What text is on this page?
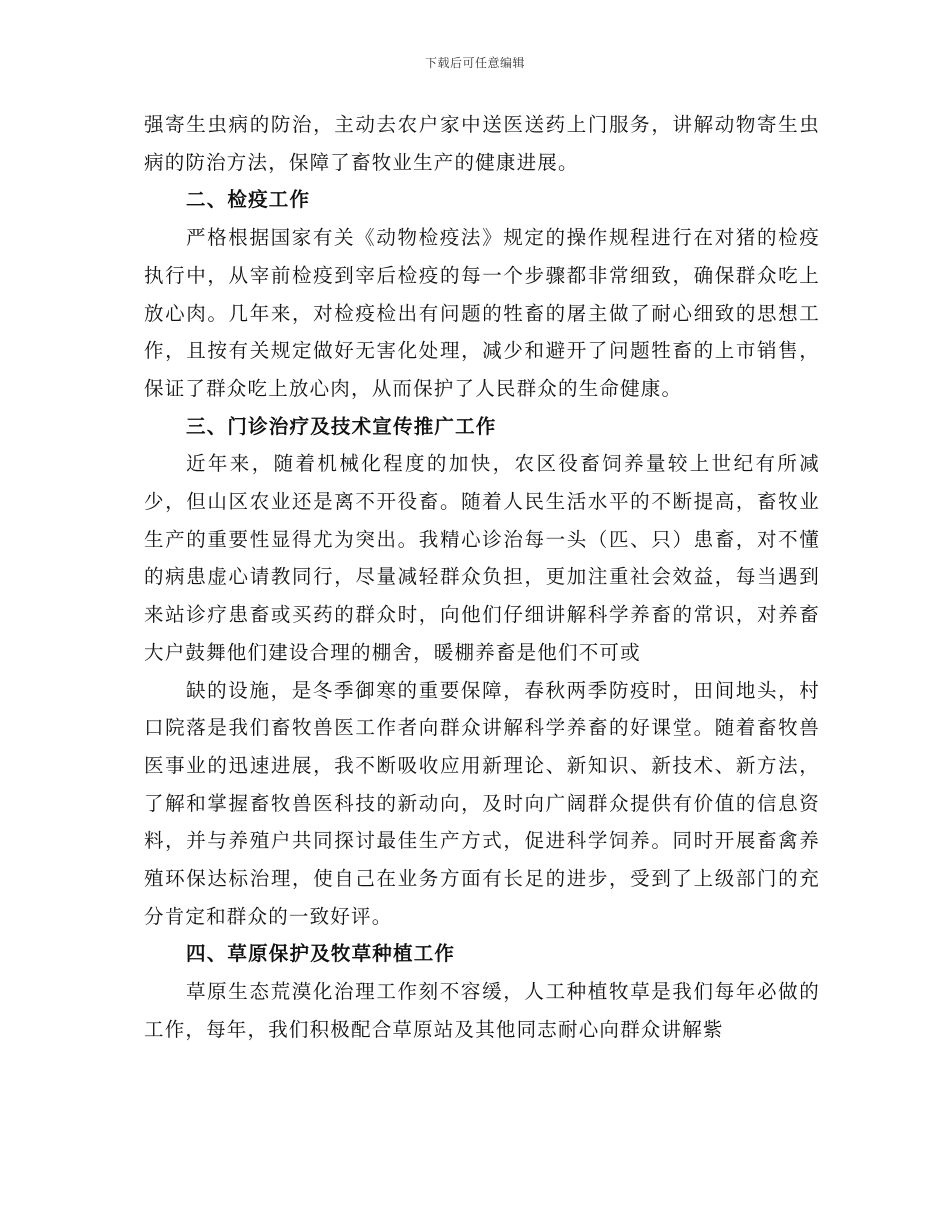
下载后可任意编辑

强寄生虫病的防治，主动去农户家中送医送药上门服务，讲解动物寄生虫病的防治方法，保障了畜牧业生产的健康进展。

二、检疫工作

严格根据国家有关《动物检疫法》规定的操作规程进行在对猪的检疫执行中，从宰前检疫到宰后检疫的每一个步骤都非常细致，确保群众吃上放心肉。几年来，对检疫检出有问题的牲畜的屠主做了耐心细致的思想工作，且按有关规定做好无害化处理，减少和避开了问题牲畜的上市销售，保证了群众吃上放心肉，从而保护了人民群众的生命健康。

三、门诊治疗及技术宣传推广工作

近年来，随着机械化程度的加快，农区役畜饲养量较上世纪有所减少，但山区农业还是离不开役畜。随着人民生活水平的不断提高，畜牧业生产的重要性显得尤为突出。我精心诊治每一头（匹、只）患畜，对不懂的病患虚心请教同行，尽量减轻群众负担，更加注重社会效益，每当遇到来站诊疗患畜或买药的群众时，向他们仔细讲解科学养畜的常识，对养畜大户鼓舞他们建设合理的棚舍，暖棚养畜是他们不可或

缺的设施，是冬季御寒的重要保障，春秋两季防疫时，田间地头，村口院落是我们畜牧兽医工作者向群众讲解科学养畜的好课堂。随着畜牧兽医事业的迅速进展，我不断吸收应用新理论、新知识、新技术、新方法，了解和掌握畜牧兽医科技的新动向，及时向广阔群众提供有价值的信息资料，并与养殖户共同探讨最佳生产方式，促进科学饲养。同时开展畜禽养殖环保达标治理，使自己在业务方面有长足的进步，受到了上级部门的充分肯定和群众的一致好评。

四、草原保护及牧草种植工作

草原生态荒漠化治理工作刻不容缓，人工种植牧草是我们每年必做的工作，每年，我们积极配合草原站及其他同志耐心向群众讲解紫
